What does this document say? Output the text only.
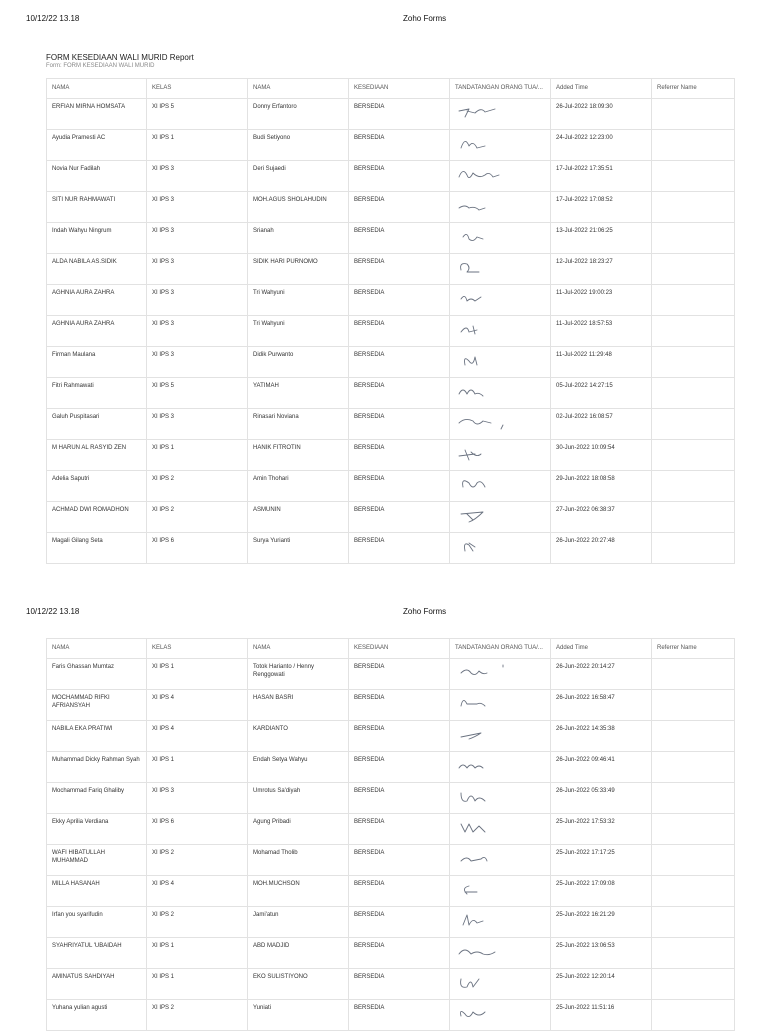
10/12/22 13.18	Zoho Forms
FORM KESEDIAAN WALI MURID Report
Form: FORM KESEDIAAN WALI MURID
NAMA	KELAS	NAMA	KESEDIAAN	TANDATANGAN ORANG TUA/...	Added Time	Referrer Name
ERFIAN MIRNA HOMSATA	XI IPS 5	Donny Erfantoro	BERSEDIA		26-Jul-2022 18:09:30	
Ayudia Pramesti AC	XI IPS 1	Budi Setiyono	BERSEDIA		24-Jul-2022 12:23:00	
Novia Nur Fadilah	XI IPS 3	Deri Sujaedi	BERSEDIA		17-Jul-2022 17:35:51	
SITI NUR RAHMAWATI	XI IPS 3	MOH.AGUS SHOLAHUDIN	BERSEDIA		17-Jul-2022 17:08:52	
Indah Wahyu Ningrum	XI IPS 3	Srianah	BERSEDIA		13-Jul-2022 21:06:25	
ALDA NABILA AS.SIDIK	XI IPS 3	SIDIK HARI PURNOMO	BERSEDIA		12-Jul-2022 18:23:27	
AGHNIA AURA ZAHRA	XI IPS 3	Tri Wahyuni	BERSEDIA		11-Jul-2022 19:00:23	
AGHNIA AURA ZAHRA	XI IPS 3	Tri Wahyuni	BERSEDIA		11-Jul-2022 18:57:53	
Firman Maulana	XI IPS 3	Didik Purwanto	BERSEDIA		11-Jul-2022 11:29:48	
Fitri Rahmawati	XI IPS 5	YATIMAH	BERSEDIA		05-Jul-2022 14:27:15	
Galuh Puspitasari	XI IPS 3	Rinasari Noviana	BERSEDIA		02-Jul-2022 16:08:57	
M HARUN AL RASYID ZEN	XI IPS 1	HANIK FITROTIN	BERSEDIA		30-Jun-2022 10:09:54	
Adelia Saputri	XI IPS 2	Amin Thohari	BERSEDIA		29-Jun-2022 18:08:58	
ACHMAD DWI ROMADHON	XI IPS 2	ASMUNIN	BERSEDIA		27-Jun-2022 06:38:37	
Magali Gilang Seta	XI IPS 6	Surya Yurianti	BERSEDIA		26-Jun-2022 20:27:48	
10/12/22 13.18	Zoho Forms
NAMA	KELAS	NAMA	KESEDIAAN	TANDATANGAN ORANG TUA/...	Added Time	Referrer Name
Faris Ghassan Mumtaz	XI IPS 1	Totok Harianto / Henny Renggowati	BERSEDIA		26-Jun-2022 20:14:27	
MOCHAMMAD RIFKI AFRIANSYAH	XI IPS 4	HASAN BASRI	BERSEDIA		26-Jun-2022 16:58:47	
NABILA EKA PRATIWI	XI IPS 4	KARDIANTO	BERSEDIA		26-Jun-2022 14:35:38	
Muhammad Dicky Rahman Syah	XI IPS 1	Endah Setya Wahyu	BERSEDIA		26-Jun-2022 09:46:41	
Mochammad Fariq Ghaliby	XI IPS 3	Umrotus Sa'diyah	BERSEDIA		26-Jun-2022 05:33:49	
Ekky Aprilia Verdiana	XI IPS 6	Agung Pribadi	BERSEDIA		25-Jun-2022 17:53:32	
WAFI HIBATULLAH MUHAMMAD	XI IPS 2	Mohamad Tholib	BERSEDIA		25-Jun-2022 17:17:25	
MILLA HASANAH	XI IPS 4	MOH.MUCHSON	BERSEDIA		25-Jun-2022 17:09:08	
Irfan you syarifudin	XI IPS 2	Jami'atun	BERSEDIA		25-Jun-2022 16:21:29	
SYAHRIYATUL 'UBAIDAH	XI IPS 1	ABD MADJID	BERSEDIA		25-Jun-2022 13:06:53	
AMINATUS SAHDIYAH	XI IPS 1	EKO SULISTIYONO	BERSEDIA		25-Jun-2022 12:20:14	
Yuhana yulian agusti	XI IPS 2	Yuniati	BERSEDIA		25-Jun-2022 11:51:16	
